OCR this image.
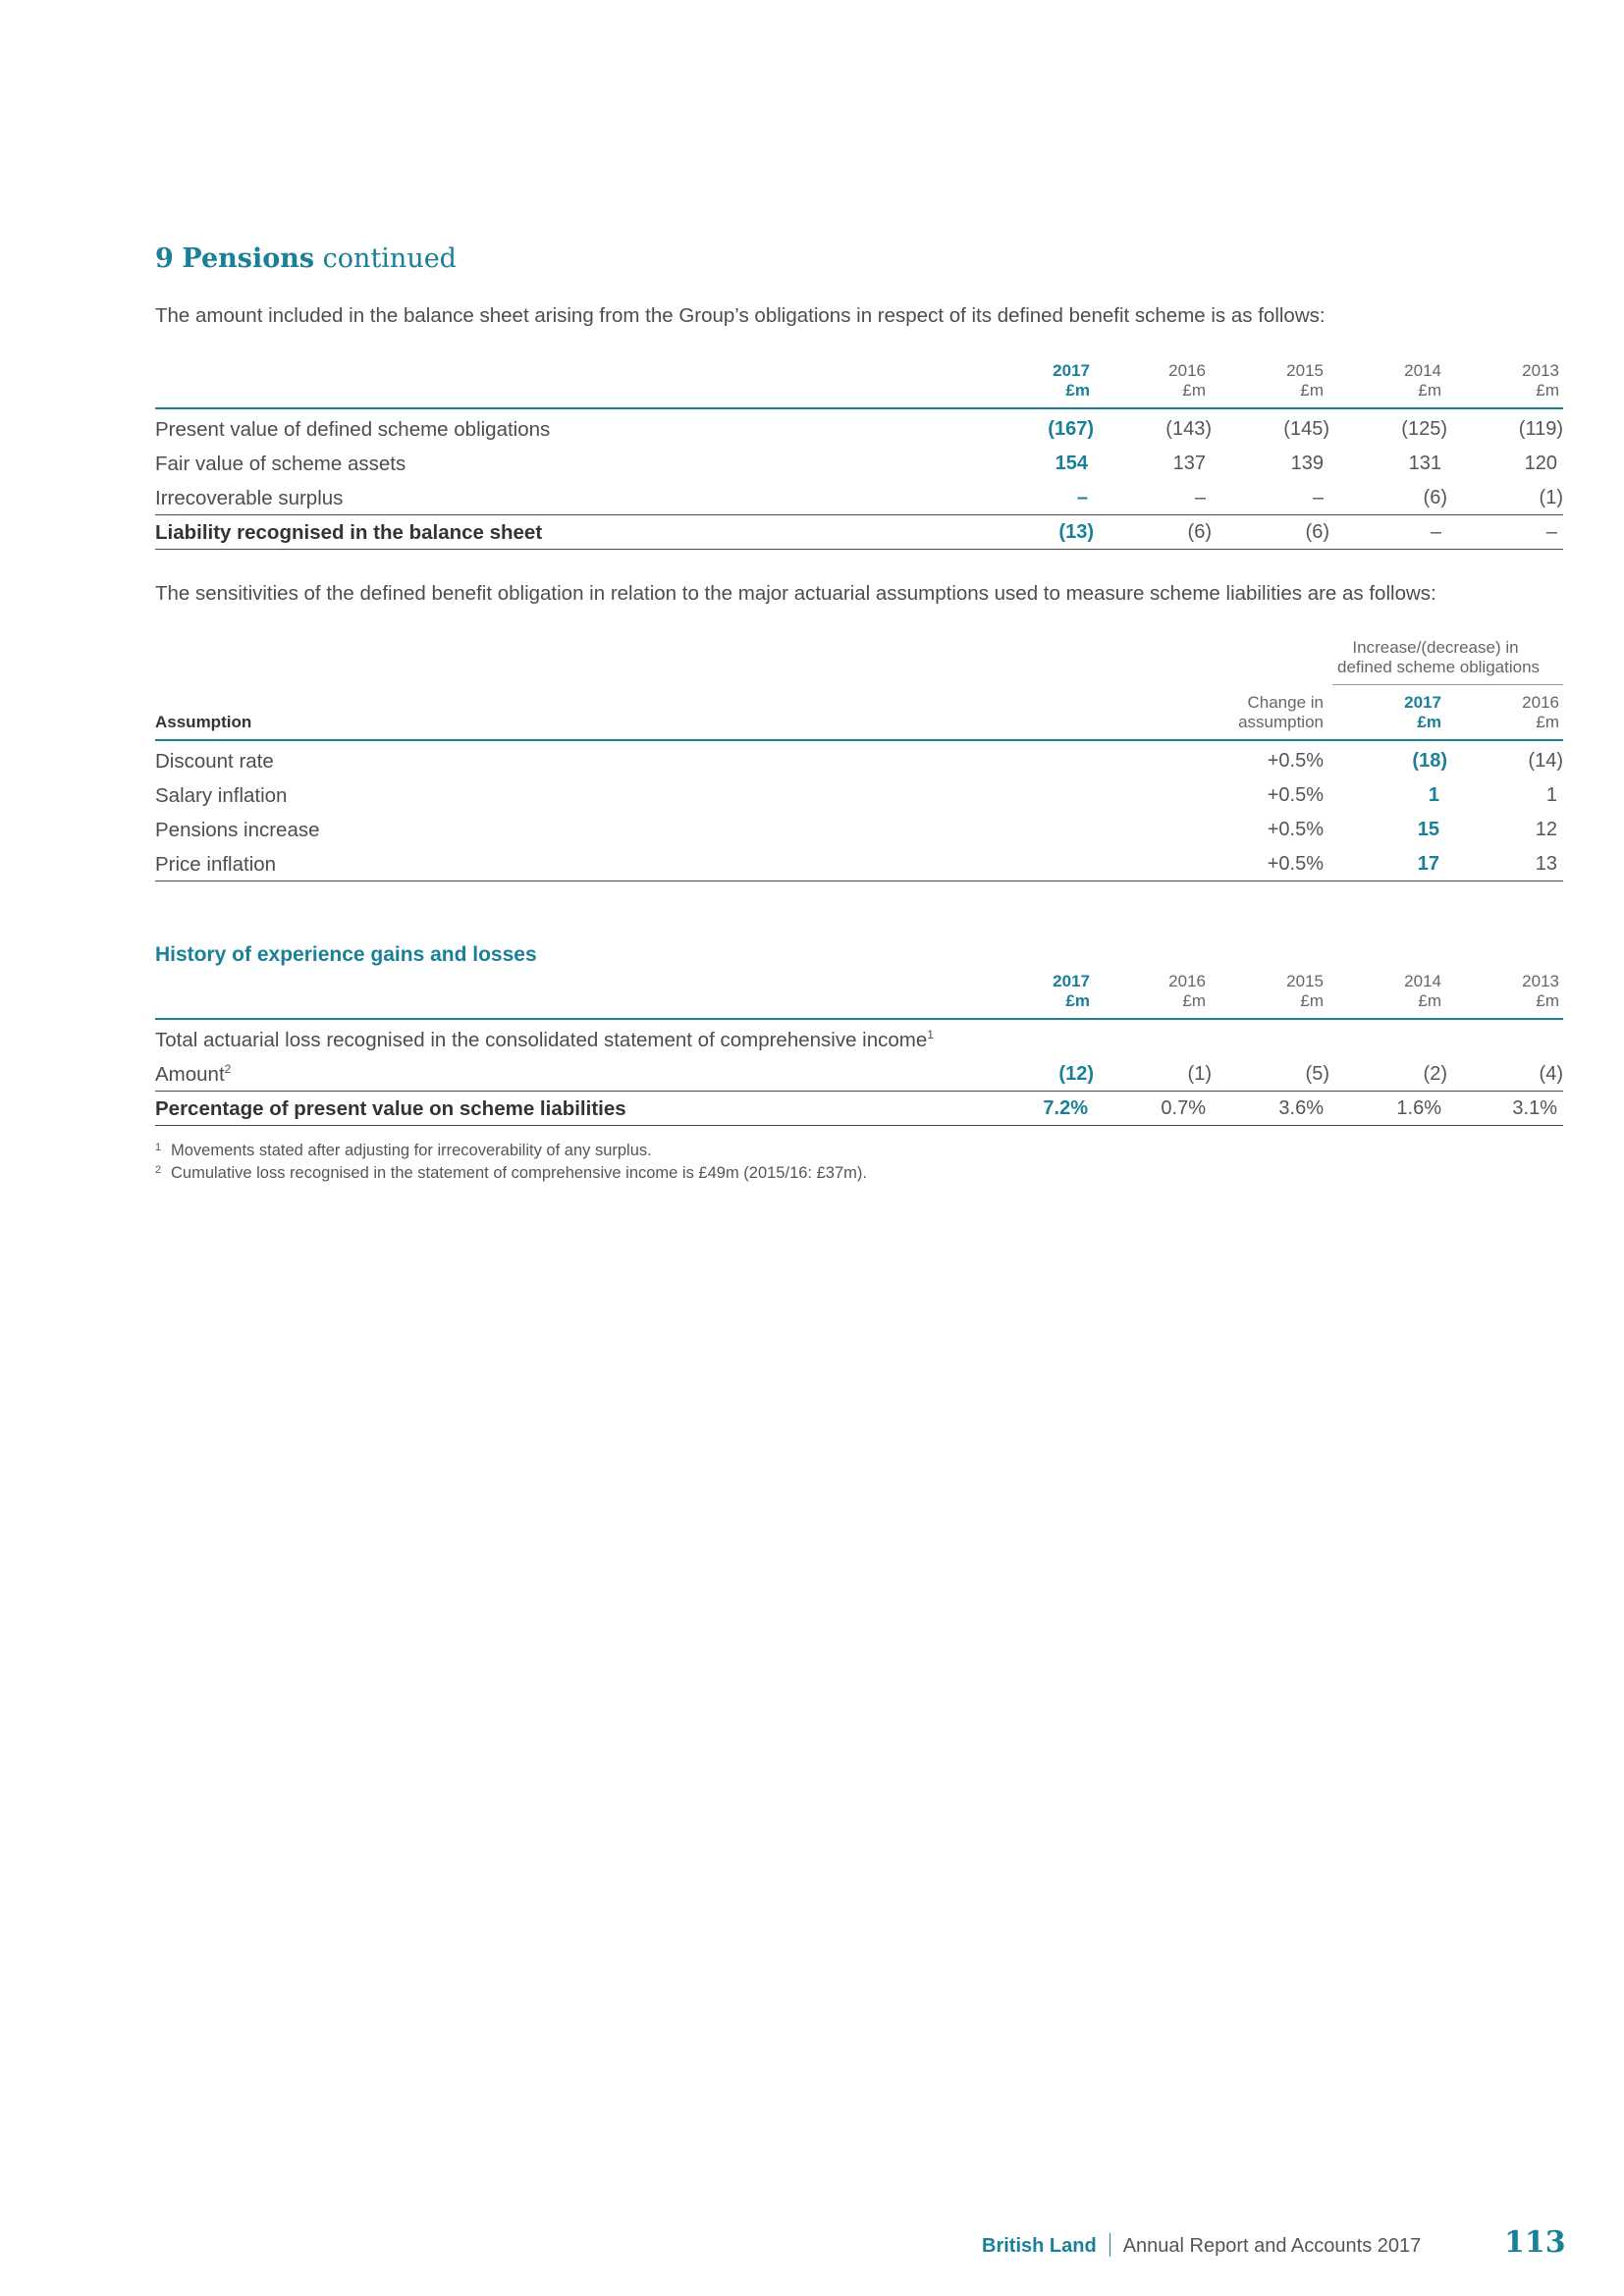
9 Pensions continued
The amount included in the balance sheet arising from the Group’s obligations in respect of its defined benefit scheme is as follows:
2017
£m
2016
£m
2015
£m
2014
£m
2013
£m
Present value of defined scheme obligations	(167)	(143)	(145)	(125)	(119)
Fair value of scheme assets	154	137	139	131	120
Irrecoverable surplus	–	–	–	(6)	(1)
Liability recognised in the balance sheet	(13)	(6)	(6)	–	–
The sensitivities of the defined benefit obligation in relation to the major actuarial assumptions used to measure scheme liabilities are as follows:
Increase/(decrease) in
defined scheme obligations
Assumption
Change in
assumption
2017
£m
2016
£m
Discount rate	+0.5%	(18)	(14)
Salary inflation	+0.5%	1	1
Pensions increase	+0.5%	15	12
Price inflation	+0.5%	17	13
History of experience gains and losses
2017
£m
2016
£m
2015
£m
2014
£m
2013
£m
Total actuarial loss recognised in the consolidated statement of comprehensive income$^1$
Amount$^2$	(12)	(1)	(5)	(2)	(4)
Percentage of present value on scheme liabilities	7.2%	0.7%	3.6%	1.6%	3.1%
1 Movements stated after adjusting for irrecoverability of any surplus.
2 Cumulative loss recognised in the statement of comprehensive income is £49m (2015/16: £37m).
British Land Annual Report and Accounts 2017	113
